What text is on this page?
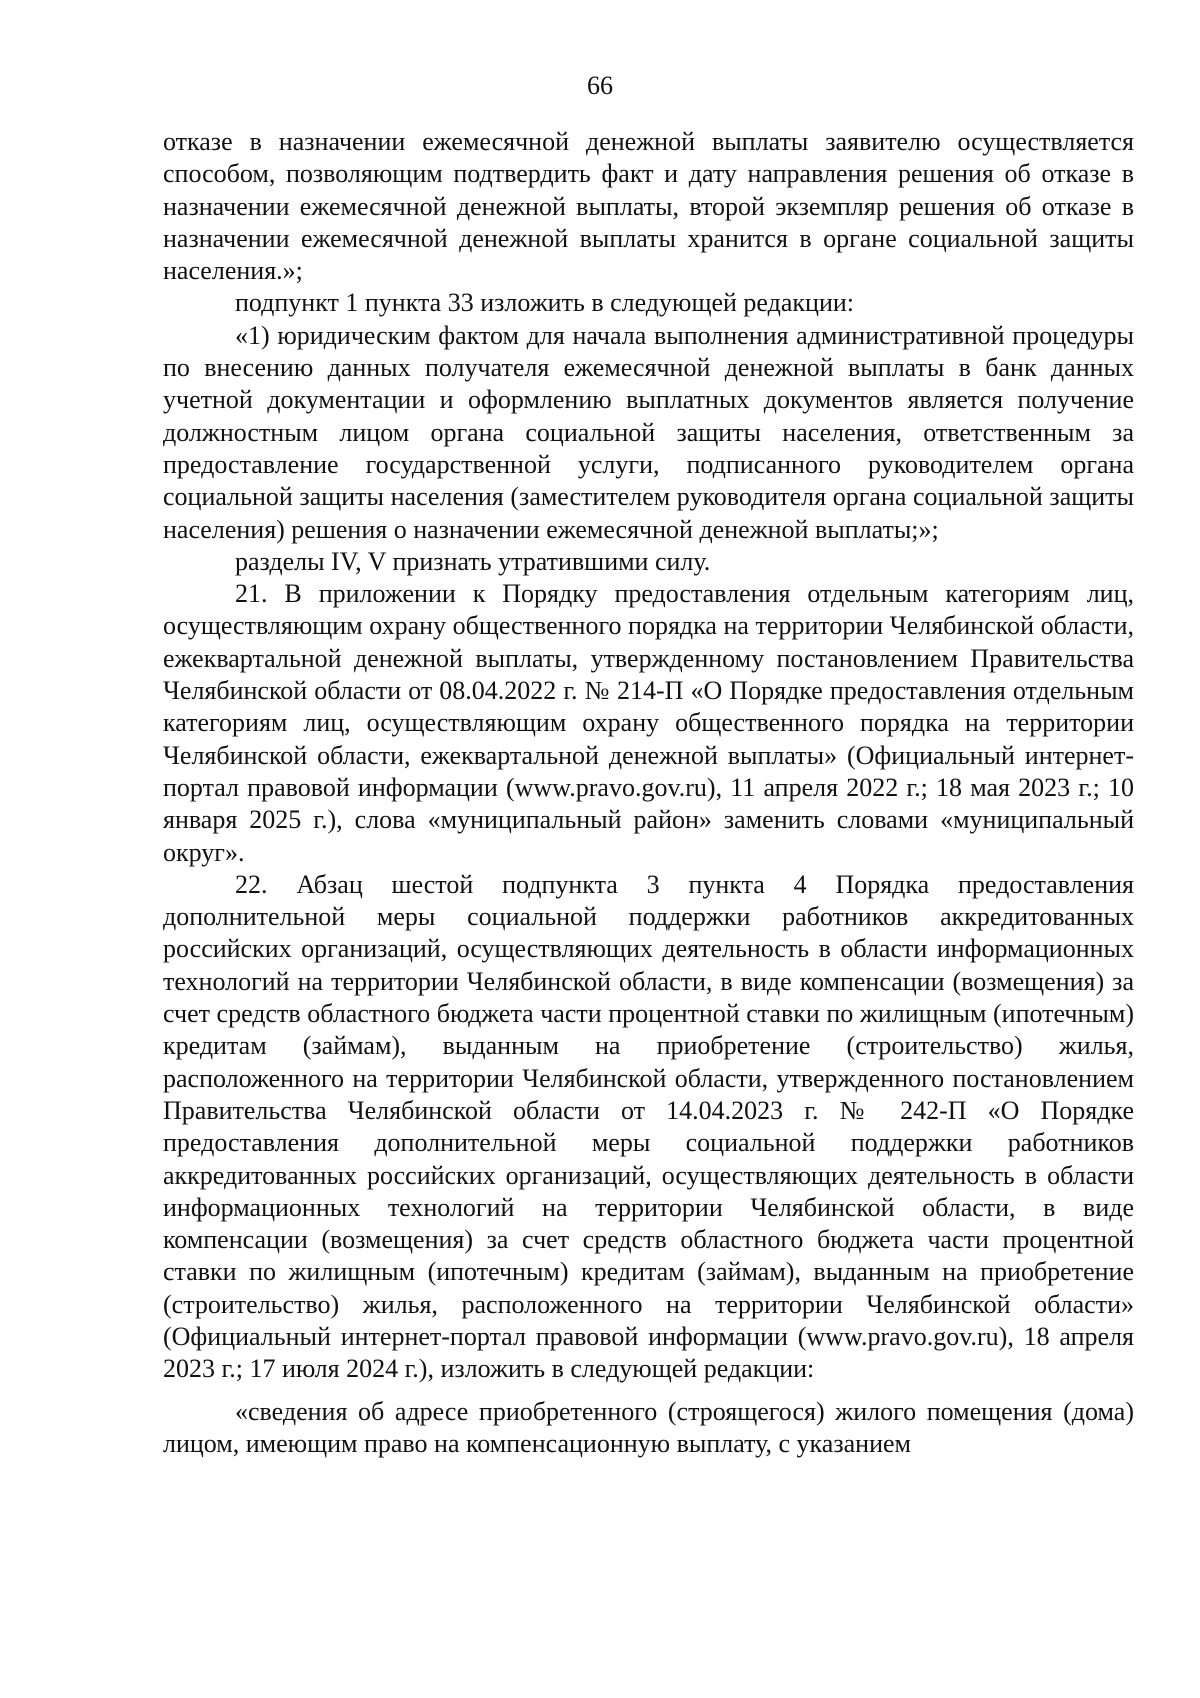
66

отказе в назначении ежемесячной денежной выплаты заявителю осуществляется способом, позволяющим подтвердить факт и дату направления решения об отказе в назначении ежемесячной денежной выплаты, второй экземпляр решения об отказе в назначении ежемесячной денежной выплаты хранится в органе социальной защиты населения.»;

подпункт 1 пункта 33 изложить в следующей редакции:

«1) юридическим фактом для начала выполнения административной процедуры по внесению данных получателя ежемесячной денежной выплаты в банк данных учетной документации и оформлению выплатных документов является получение должностным лицом органа социальной защиты населения, ответственным за предоставление государственной услуги, подписанного руководителем органа социальной защиты населения (заместителем руководителя органа социальной защиты населения) решения о назначении ежемесячной денежной выплаты;»;

разделы IV, V признать утратившими силу.

21. В приложении к Порядку предоставления отдельным категориям лиц, осуществляющим охрану общественного порядка на территории Челябинской области, ежеквартальной денежной выплаты, утвержденному постановлением Правительства Челябинской области от 08.04.2022 г. № 214-П «О Порядке предоставления отдельным категориям лиц, осуществляющим охрану общественного порядка на территории Челябинской области, ежеквартальной денежной выплаты» (Официальный интернет-портал правовой информации (www.pravo.gov.ru), 11 апреля 2022 г.; 18 мая 2023 г.; 10 января 2025 г.), слова «муниципальный район» заменить словами «муниципальный округ».

22. Абзац шестой подпункта 3 пункта 4 Порядка предоставления дополнительной меры социальной поддержки работников аккредитованных российских организаций, осуществляющих деятельность в области информационных технологий на территории Челябинской области, в виде компенсации (возмещения) за счет средств областного бюджета части процентной ставки по жилищным (ипотечным) кредитам (займам), выданным на приобретение (строительство) жилья, расположенного на территории Челябинской области, утвержденного постановлением Правительства Челябинской области от 14.04.2023 г. № 242-П «О Порядке предоставления дополнительной меры социальной поддержки работников аккредитованных российских организаций, осуществляющих деятельность в области информационных технологий на территории Челябинской области, в виде компенсации (возмещения) за счет средств областного бюджета части процентной ставки по жилищным (ипотечным) кредитам (займам), выданным на приобретение (строительство) жилья, расположенного на территории Челябинской области» (Официальный интернет-портал правовой информации (www.pravo.gov.ru), 18 апреля 2023 г.; 17 июля 2024 г.), изложить в следующей редакции:

«сведения об адресе приобретенного (строящегося) жилого помещения (дома) лицом, имеющим право на компенсационную выплату, с указанием
